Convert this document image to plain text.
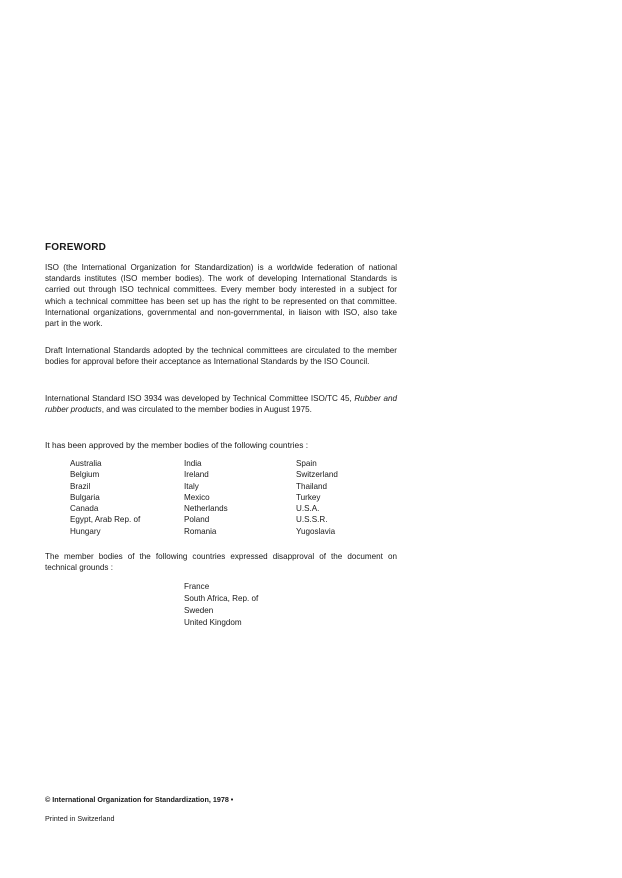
FOREWORD

ISO (the International Organization for Standardization) is a worldwide federation of national standards institutes (ISO member bodies). The work of developing International Standards is carried out through ISO technical committees. Every member body interested in a subject for which a technical committee has been set up has the right to be represented on that committee. International organizations, governmental and non-governmental, in liaison with ISO, also take part in the work.

Draft International Standards adopted by the technical committees are circulated to the member bodies for approval before their acceptance as International Standards by the ISO Council.

International Standard ISO 3934 was developed by Technical Committee ISO/TC 45, Rubber and rubber products, and was circulated to the member bodies in August 1975.

It has been approved by the member bodies of the following countries :

Australia
Belgium
Brazil
Bulgaria
Canada
Egypt, Arab Rep. of
Hungary
India
Ireland
Italy
Mexico
Netherlands
Poland
Romania
Spain
Switzerland
Thailand
Turkey
U.S.A.
U.S.S.R.
Yugoslavia

The member bodies of the following countries expressed disapproval of the document on technical grounds :

France
South Africa, Rep. of
Sweden
United Kingdom
© International Organization for Standardization, 1978 •
Printed in Switzerland
